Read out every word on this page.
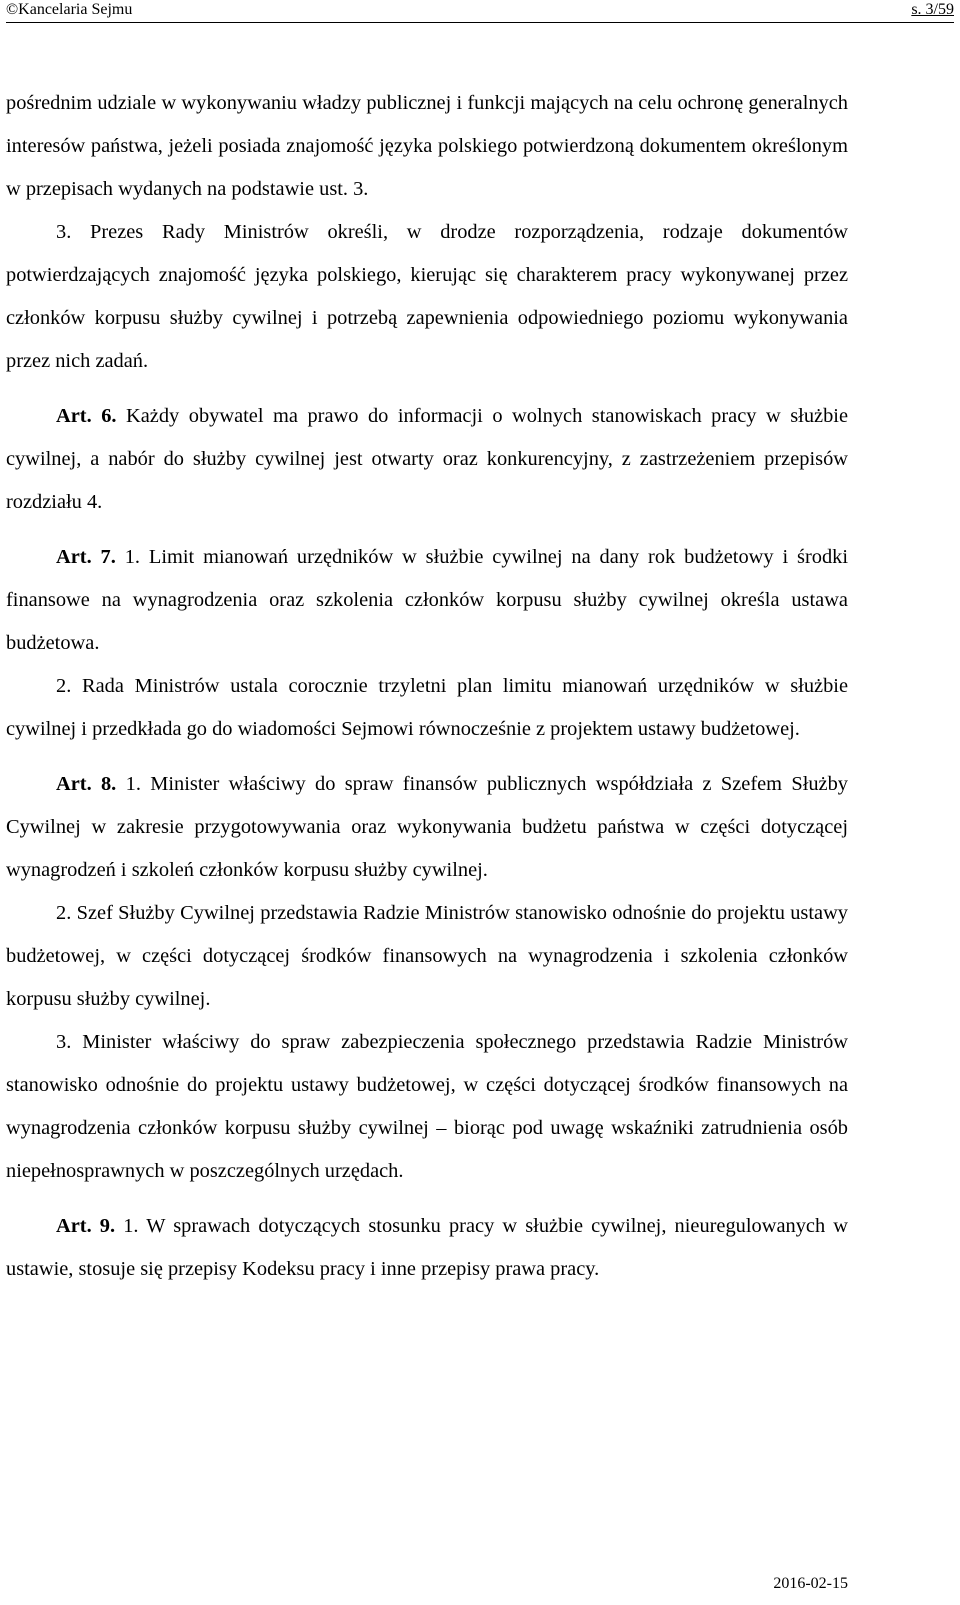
©Kancelaria Sejmu	s. 3/59

pośrednim udziale w wykonywaniu władzy publicznej i funkcji mających na celu ochronę generalnych interesów państwa, jeżeli posiada znajomość języka polskiego potwierdzoną dokumentem określonym w przepisach wydanych na podstawie ust. 3.

3. Prezes Rady Ministrów określi, w drodze rozporządzenia, rodzaje dokumentów potwierdzających znajomość języka polskiego, kierując się charakterem pracy wykonywanej przez członków korpusu służby cywilnej i potrzebą zapewnienia odpowiedniego poziomu wykonywania przez nich zadań.

Art. 6. Każdy obywatel ma prawo do informacji o wolnych stanowiskach pracy w służbie cywilnej, a nabór do służby cywilnej jest otwarty oraz konkurencyjny, z zastrzeżeniem przepisów rozdziału 4.

Art. 7. 1. Limit mianowań urzędników w służbie cywilnej na dany rok budżetowy i środki finansowe na wynagrodzenia oraz szkolenia członków korpusu służby cywilnej określa ustawa budżetowa.

2. Rada Ministrów ustala corocznie trzyletni plan limitu mianowań urzędników w służbie cywilnej i przedkłada go do wiadomości Sejmowi równocześnie z projektem ustawy budżetowej.

Art. 8. 1. Minister właściwy do spraw finansów publicznych współdziała z Szefem Służby Cywilnej w zakresie przygotowywania oraz wykonywania budżetu państwa w części dotyczącej wynagrodzeń i szkoleń członków korpusu służby cywilnej.

2. Szef Służby Cywilnej przedstawia Radzie Ministrów stanowisko odnośnie do projektu ustawy budżetowej, w części dotyczącej środków finansowych na wynagrodzenia i szkolenia członków korpusu służby cywilnej.

3. Minister właściwy do spraw zabezpieczenia społecznego przedstawia Radzie Ministrów stanowisko odnośnie do projektu ustawy budżetowej, w części dotyczącej środków finansowych na wynagrodzenia członków korpusu służby cywilnej – biorąc pod uwagę wskaźniki zatrudnienia osób niepełnosprawnych w poszczególnych urzędach.

Art. 9. 1. W sprawach dotyczących stosunku pracy w służbie cywilnej, nieuregulowanych w ustawie, stosuje się przepisy Kodeksu pracy i inne przepisy prawa pracy.

2016-02-15
